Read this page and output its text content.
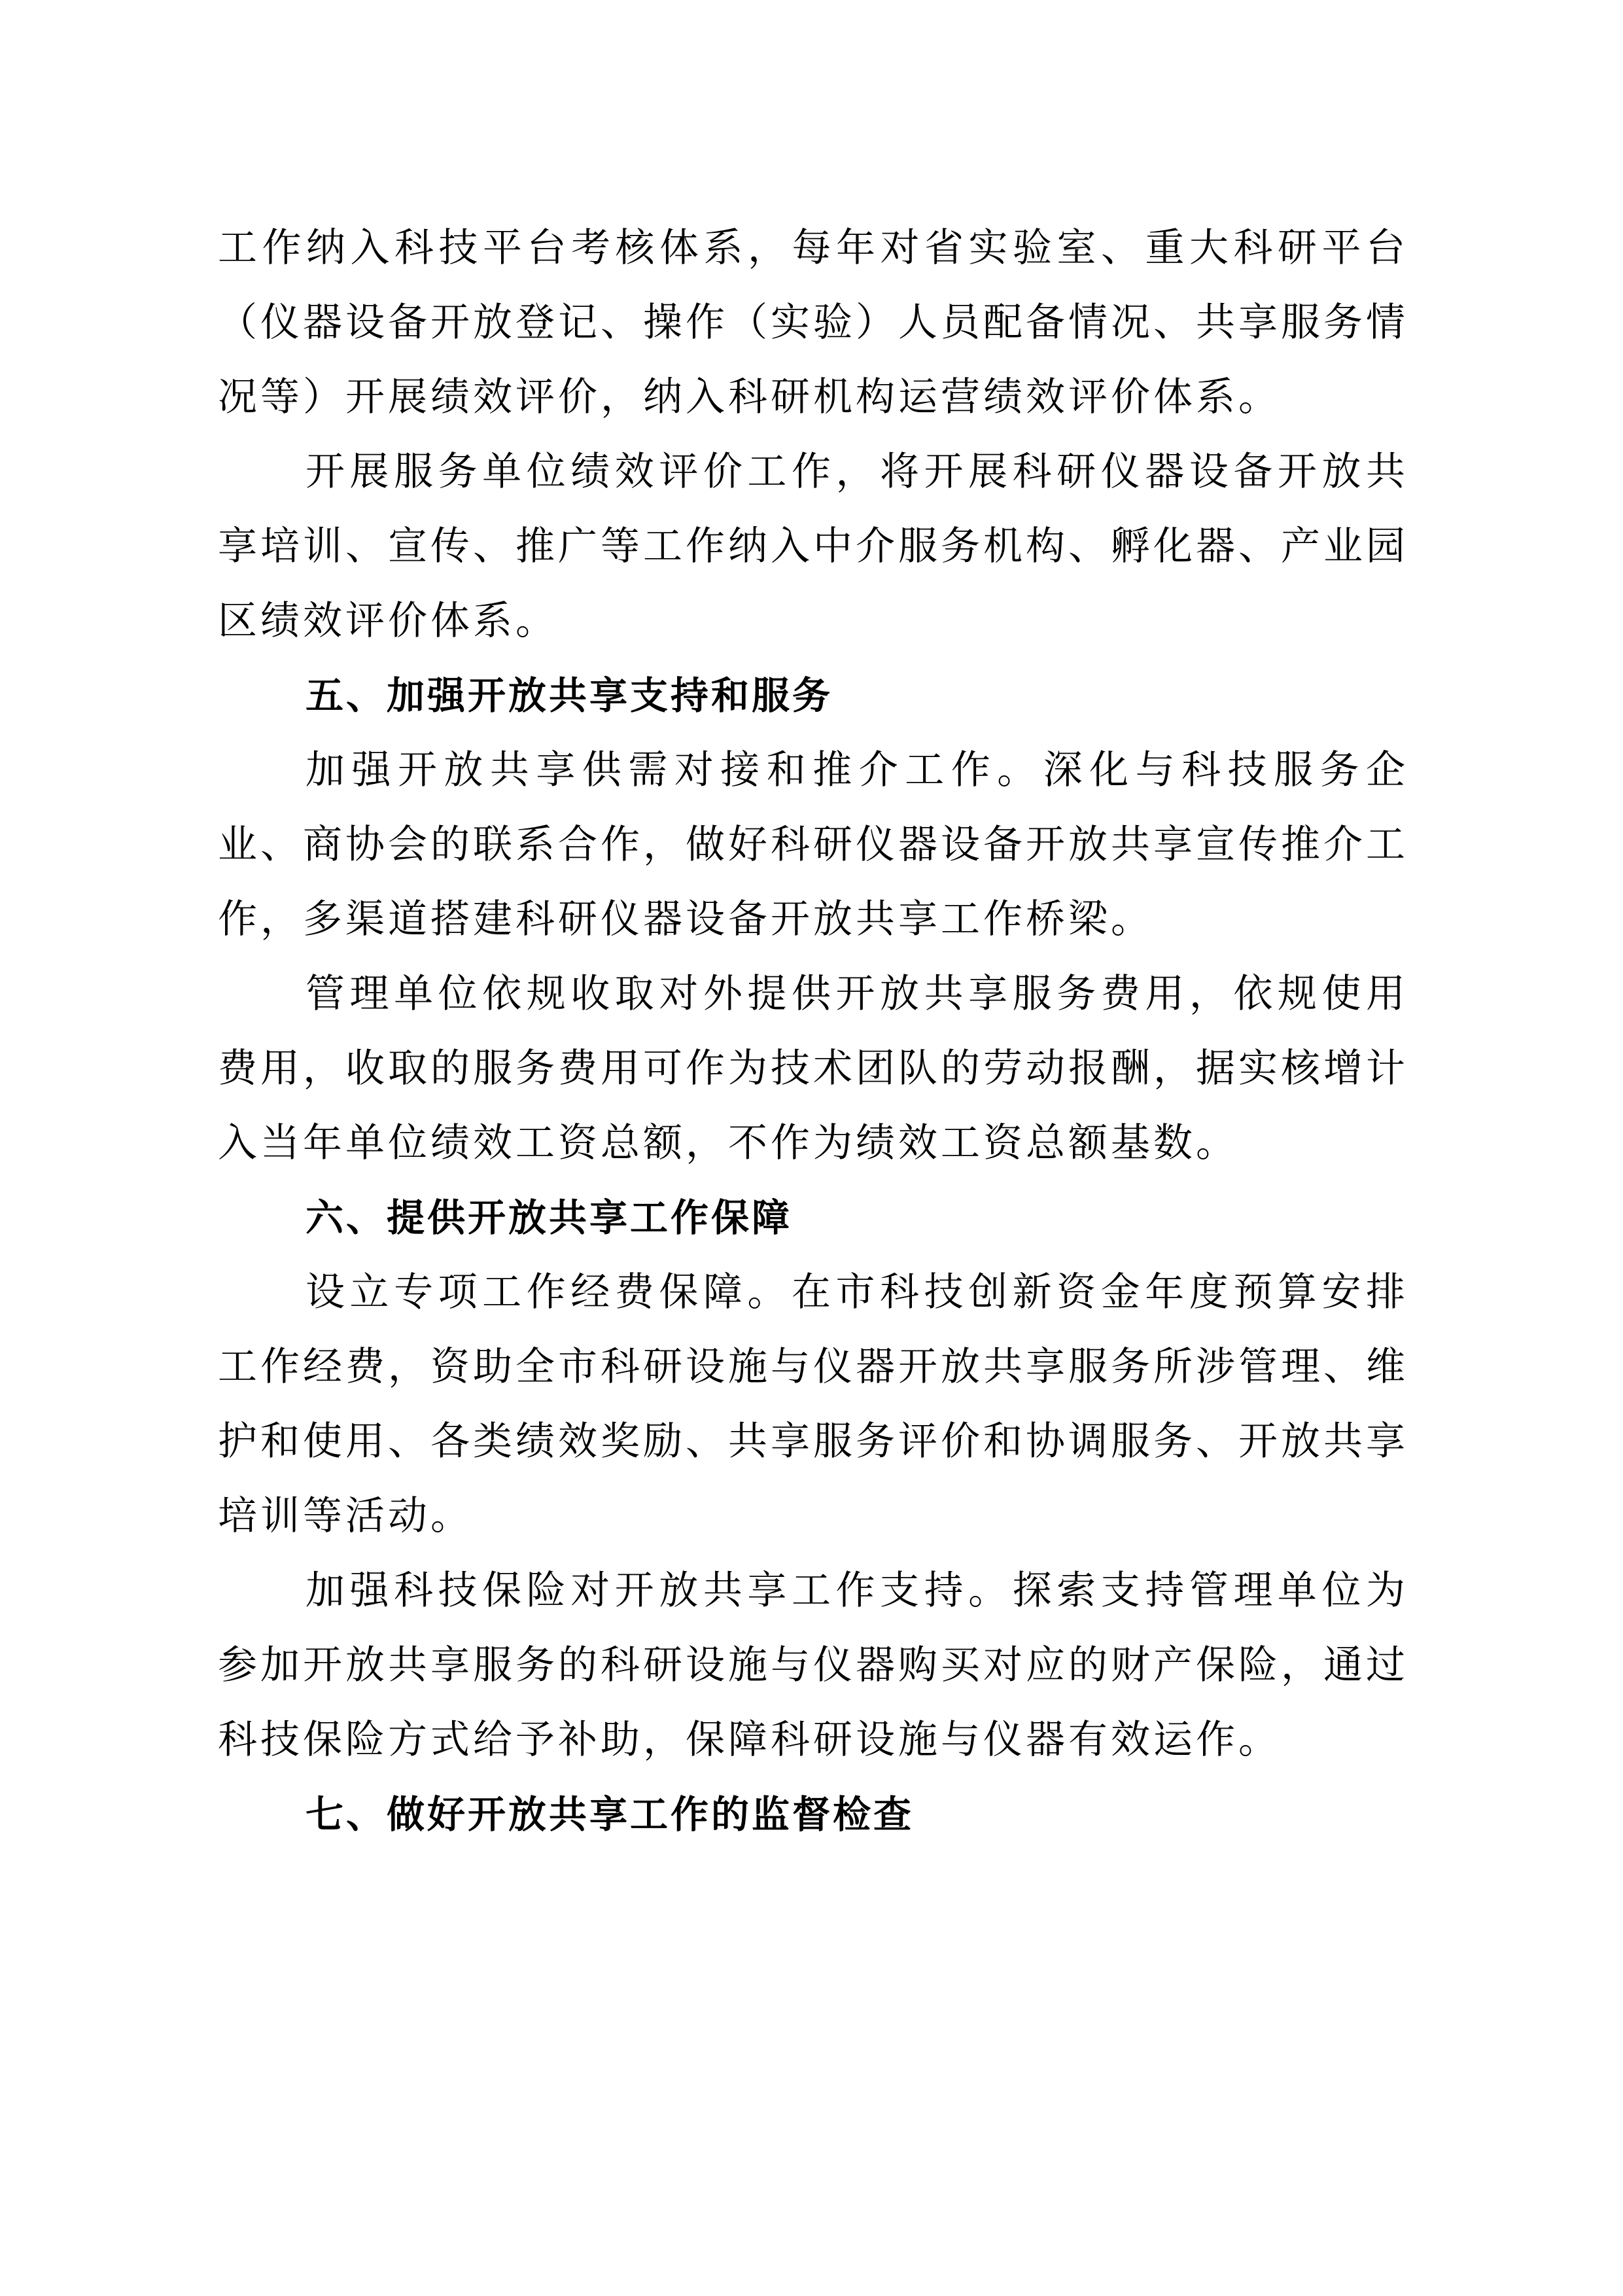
工作纳入科技平台考核体系，每年对省实验室、重大科研平台（仪器设备开放登记、操作（实验）人员配备情况、共享服务情况等）开展绩效评价，纳入科研机构运营绩效评价体系。

开展服务单位绩效评价工作，将开展科研仪器设备开放共享培训、宣传、推广等工作纳入中介服务机构、孵化器、产业园区绩效评价体系。

五、加强开放共享支持和服务

加强开放共享供需对接和推介工作。深化与科技服务企业、商协会的联系合作，做好科研仪器设备开放共享宣传推介工作，多渠道搭建科研仪器设备开放共享工作桥梁。

管理单位依规收取对外提供开放共享服务费用，依规使用费用，收取的服务费用可作为技术团队的劳动报酬，据实核增计入当年单位绩效工资总额，不作为绩效工资总额基数。

六、提供开放共享工作保障

设立专项工作经费保障。在市科技创新资金年度预算安排工作经费，资助全市科研设施与仪器开放共享服务所涉管理、维护和使用、各类绩效奖励、共享服务评价和协调服务、开放共享培训等活动。

加强科技保险对开放共享工作支持。探索支持管理单位为参加开放共享服务的科研设施与仪器购买对应的财产保险，通过科技保险方式给予补助，保障科研设施与仪器有效运作。

七、做好开放共享工作的监督检查
